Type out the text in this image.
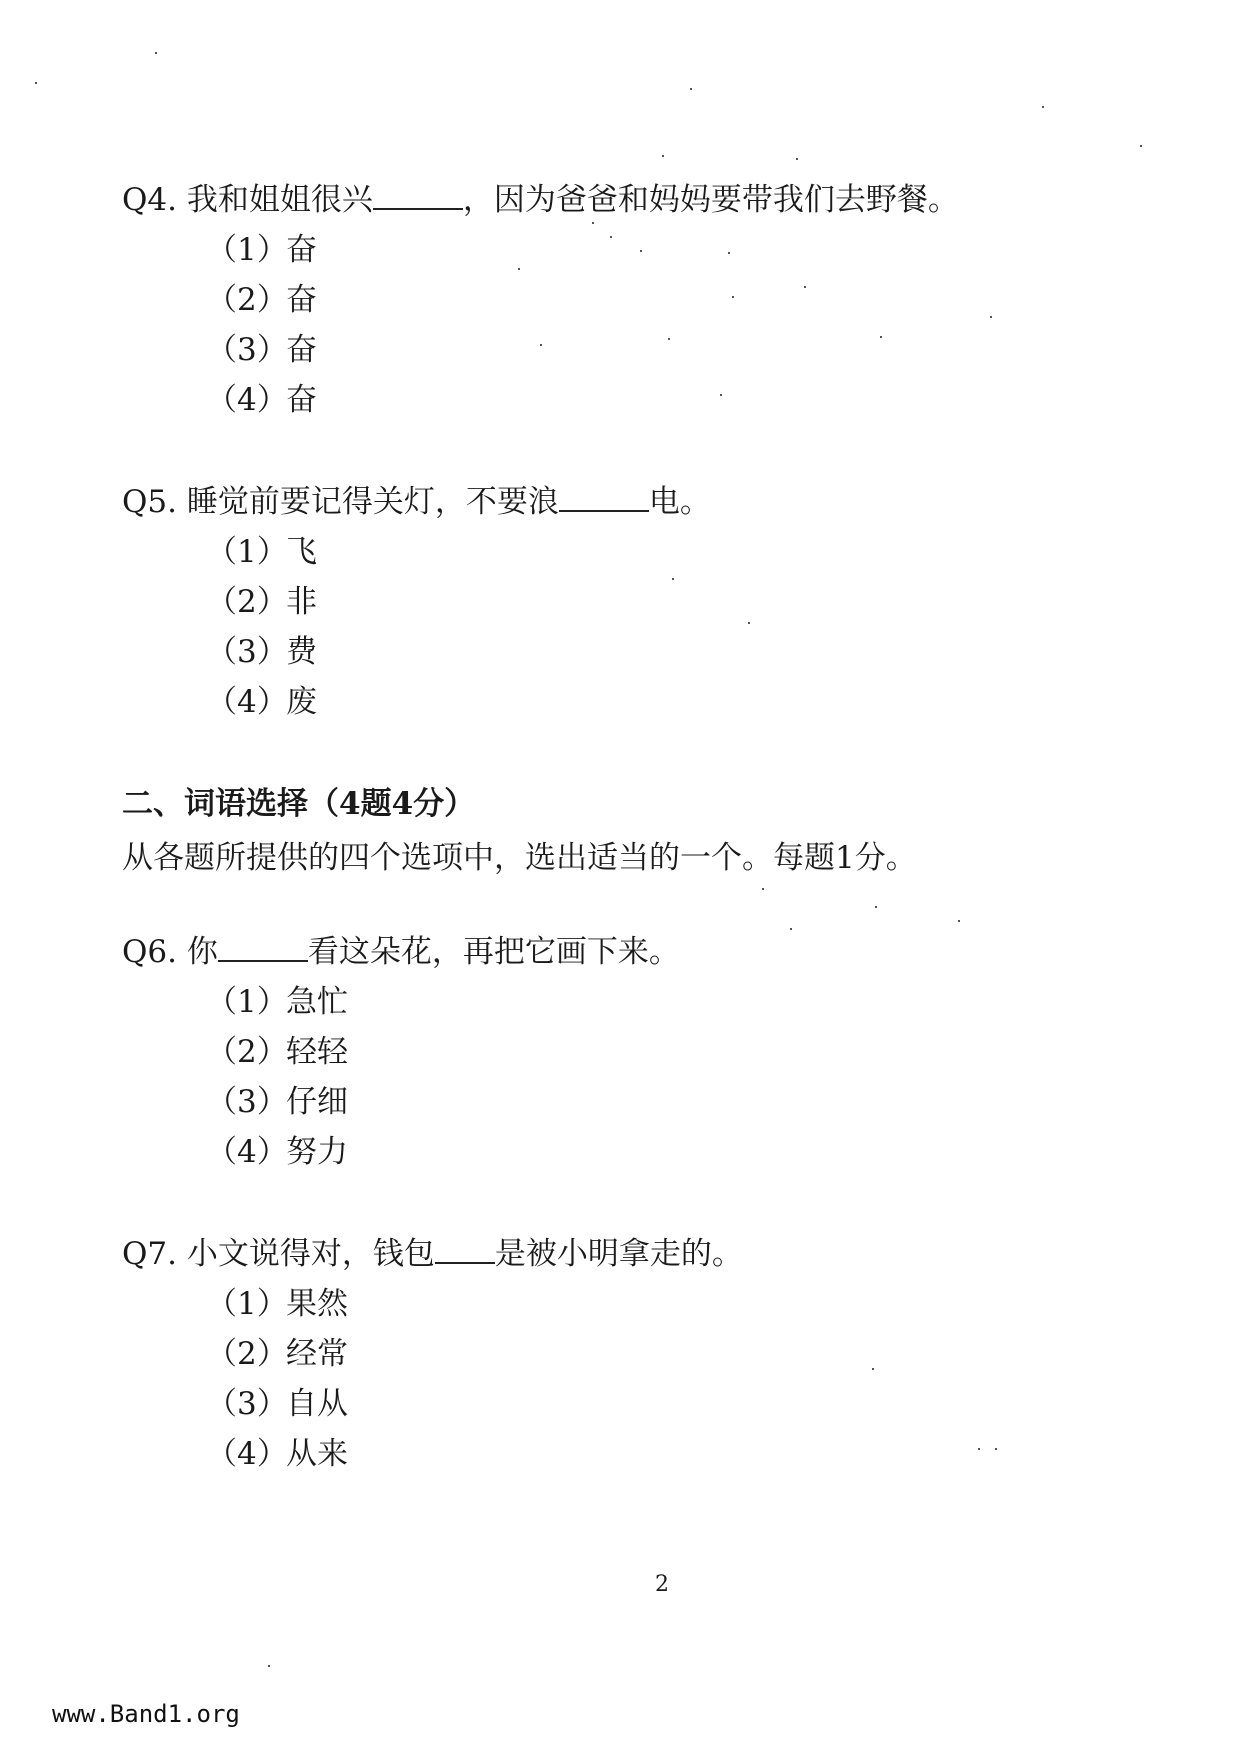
Q4. 我和姐姐很兴	，因为爸爸和妈妈要带我们去野餐。
（1）奋
（2）奋
（3）奋
（4）奋
Q5. 睡觉前要记得关灯，不要浪	电。
（1）飞
（2）非
（3）费
（4）废
二、词语选择（4题4分）
从各题所提供的四个选项中，选出适当的一个。每题1分。
Q6. 你	看这朵花，再把它画下来。
（1）急忙
（2）轻轻
（3）仔细
（4）努力
Q7. 小文说得对，钱包 是被小明拿走的。
（1）果然
（2）经常
（3）自从
（4）从来
2
www.Band1.org
